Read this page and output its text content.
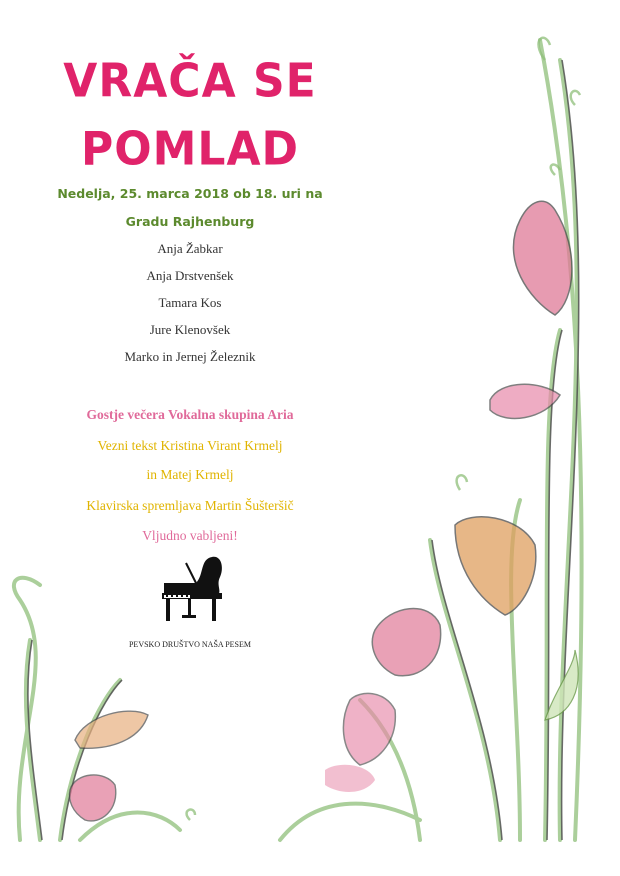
VRAČA SE
POMLAD
Nedelja, 25. marca 2018 ob 18. uri na
Gradu Rajhenburg
Anja Žabkar
Anja Drstvenšek
Tamara Kos
Jure Klenovšek
Marko in Jernej Železnik
Gostje večera Vokalna skupina Aria
Vezni tekst Kristina Virant Krmelj
in Matej Krmelj
Klavirska spremljava Martin Šušteršič
Vljudno vabljeni!
PEVSKO DRUŠTVO NAŠA PESEM
